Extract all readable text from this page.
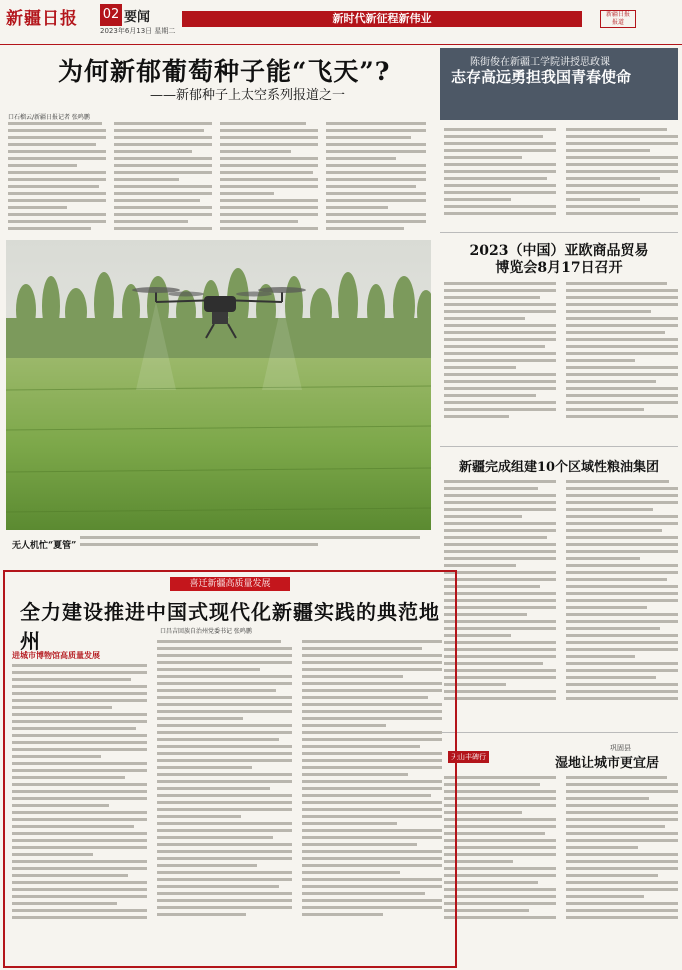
新疆日报 02 要闻
2023年6月13日 星期二
新时代新征程新伟业	新疆日报
报道
为何新郁葡萄种子能“飞天”?
——新郁种子上太空系列报道之一
口石榴云/新疆日报记者 张鸣鹏
无人机忙“夏管”
陈街俊在新疆工学院讲授思政课
志存高远勇担我国青春使命
2023（中国）亚欧商品贸易
博览会8月17日召开
新疆完成组建10个区域性粮油集团
巩固县
湿地让城市更宜居
天山丰碑行
喜迁新疆高质量发展
全力建设推进中国式现代化新疆实践的典范地州	口昌吉回族自治州党委书记 张鸣鹏
进城市博物馆高质量发展
